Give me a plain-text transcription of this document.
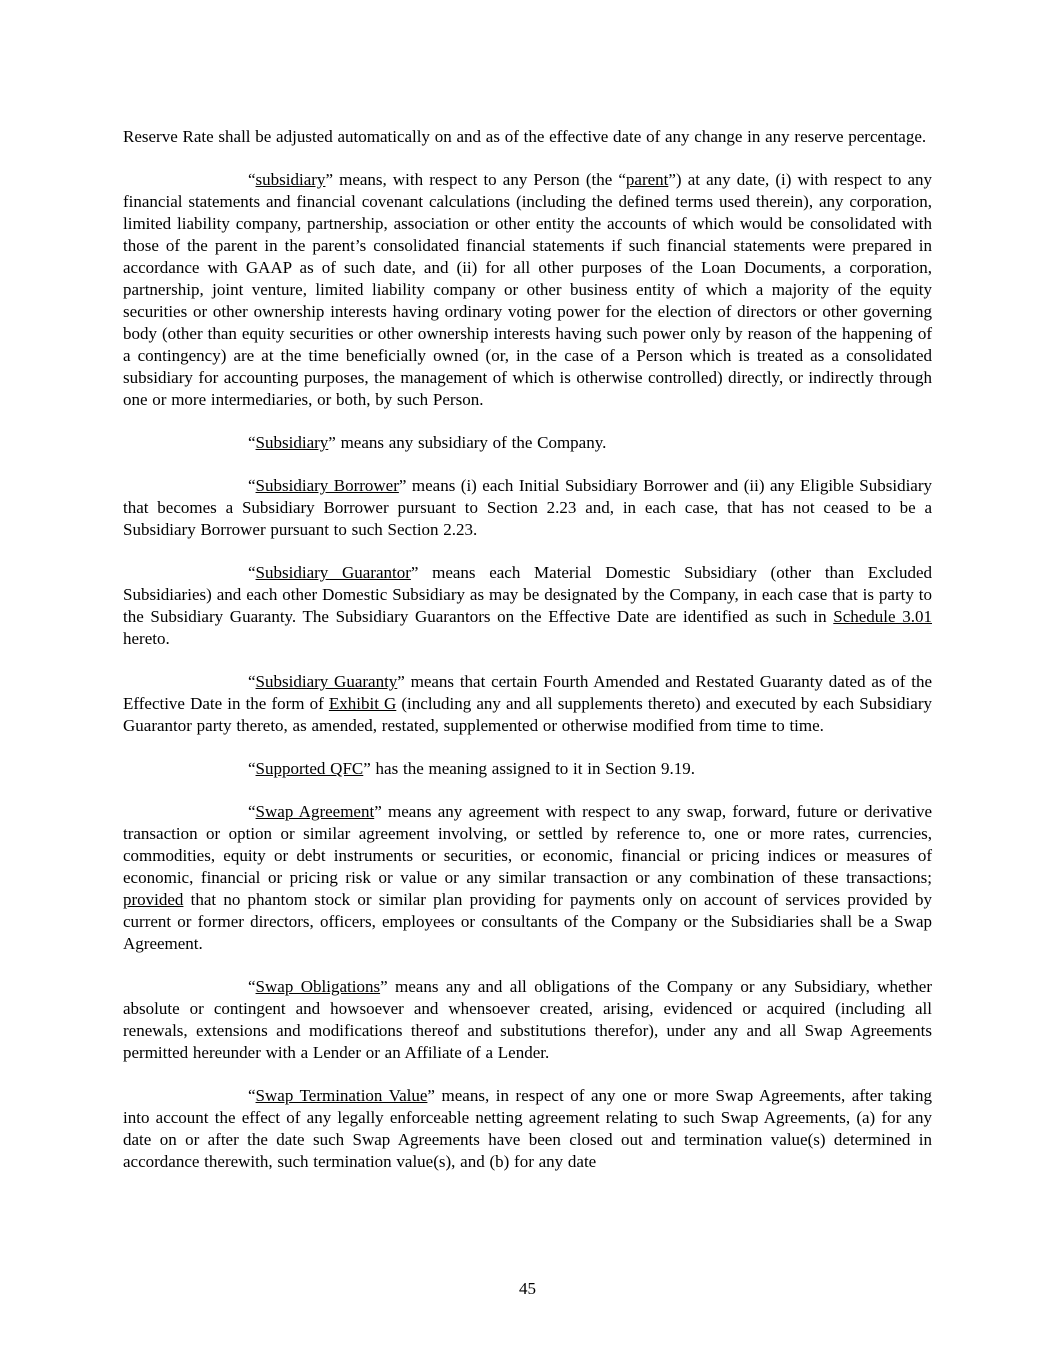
Reserve Rate shall be adjusted automatically on and as of the effective date of any change in any reserve percentage.

“subsidiary” means, with respect to any Person (the “parent”) at any date, (i) with respect to any financial statements and financial covenant calculations (including the defined terms used therein), any corporation, limited liability company, partnership, association or other entity the accounts of which would be consolidated with those of the parent in the parent’s consolidated financial statements if such financial statements were prepared in accordance with GAAP as of such date, and (ii) for all other purposes of the Loan Documents, a corporation, partnership, joint venture, limited liability company or other business entity of which a majority of the equity securities or other ownership interests having ordinary voting power for the election of directors or other governing body (other than equity securities or other ownership interests having such power only by reason of the happening of a contingency) are at the time beneficially owned (or, in the case of a Person which is treated as a consolidated subsidiary for accounting purposes, the management of which is otherwise controlled) directly, or indirectly through one or more intermediaries, or both, by such Person.

“Subsidiary” means any subsidiary of the Company.

“Subsidiary Borrower” means (i) each Initial Subsidiary Borrower and (ii) any Eligible Subsidiary that becomes a Subsidiary Borrower pursuant to Section 2.23 and, in each case, that has not ceased to be a Subsidiary Borrower pursuant to such Section 2.23.

“Subsidiary Guarantor” means each Material Domestic Subsidiary (other than Excluded Subsidiaries) and each other Domestic Subsidiary as may be designated by the Company, in each case that is party to the Subsidiary Guaranty. The Subsidiary Guarantors on the Effective Date are identified as such in Schedule 3.01 hereto.

“Subsidiary Guaranty” means that certain Fourth Amended and Restated Guaranty dated as of the Effective Date in the form of Exhibit G (including any and all supplements thereto) and executed by each Subsidiary Guarantor party thereto, as amended, restated, supplemented or otherwise modified from time to time.

“Supported QFC” has the meaning assigned to it in Section 9.19.

“Swap Agreement” means any agreement with respect to any swap, forward, future or derivative transaction or option or similar agreement involving, or settled by reference to, one or more rates, currencies, commodities, equity or debt instruments or securities, or economic, financial or pricing indices or measures of economic, financial or pricing risk or value or any similar transaction or any combination of these transactions; provided that no phantom stock or similar plan providing for payments only on account of services provided by current or former directors, officers, employees or consultants of the Company or the Subsidiaries shall be a Swap Agreement.

“Swap Obligations” means any and all obligations of the Company or any Subsidiary, whether absolute or contingent and howsoever and whensoever created, arising, evidenced or acquired (including all renewals, extensions and modifications thereof and substitutions therefor), under any and all Swap Agreements permitted hereunder with a Lender or an Affiliate of a Lender.

“Swap Termination Value” means, in respect of any one or more Swap Agreements, after taking into account the effect of any legally enforceable netting agreement relating to such Swap Agreements, (a) for any date on or after the date such Swap Agreements have been closed out and termination value(s) determined in accordance therewith, such termination value(s), and (b) for any date

45
